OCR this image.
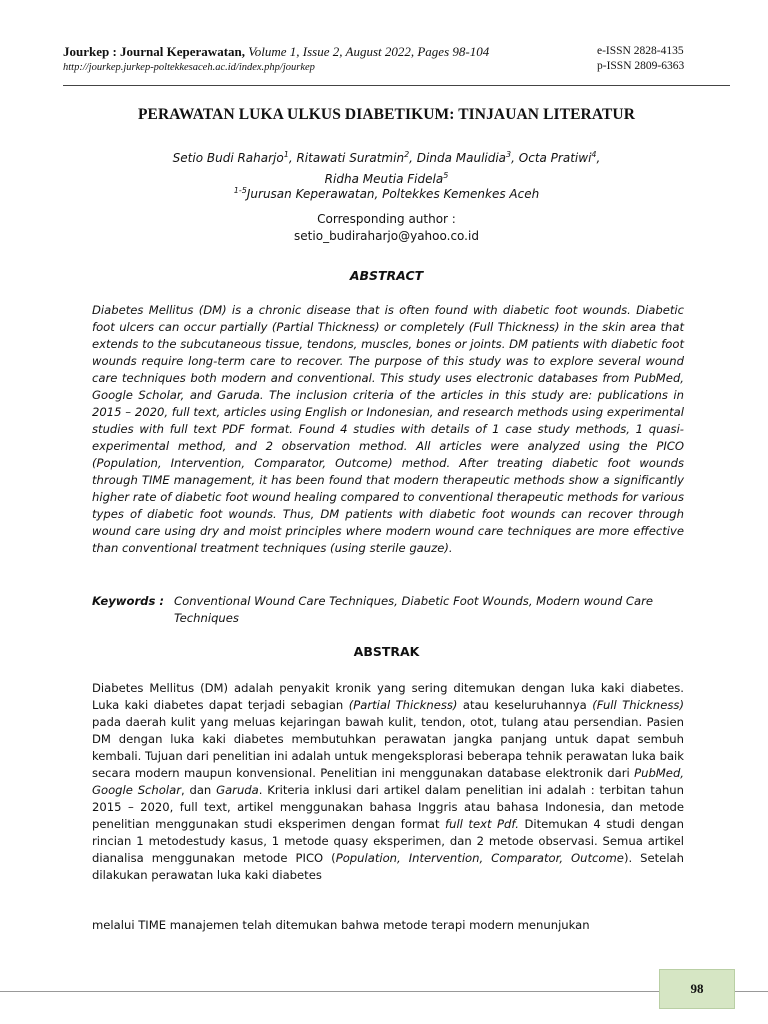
Jourkep : Journal Keperawatan, Volume 1, Issue 2, August 2022, Pages 98-104
http://jourkep.jurkep-poltekkesaceh.ac.id/index.php/jourkep
e-ISSN 2828-4135
p-ISSN 2809-6363
PERAWATAN LUKA ULKUS DIABETIKUM: TINJAUAN LITERATUR
Setio Budi Raharjo$^1$, Ritawati Suratmin$^2$, Dinda Maulidia$^3$, Octa Pratiwi$^4$,
Ridha Meutia Fidela$^5$
$^{1-5}$Jurusan Keperawatan, Poltekkes Kemenkes Aceh
Corresponding author :
setio_budiraharjo@yahoo.co.id
ABSTRACT
Diabetes Mellitus (DM) is a chronic disease that is often found with diabetic foot wounds. Diabetic foot ulcers can occur partially (Partial Thickness) or completely (Full Thickness) in the skin area that extends to the subcutaneous tissue, tendons, muscles, bones or joints. DM patients with diabetic foot wounds require long-term care to recover. The purpose of this study was to explore several wound care techniques both modern and conventional. This study uses electronic databases from PubMed, Google Scholar, and Garuda. The inclusion criteria of the articles in this study are: publications in 2015 – 2020, full text, articles using English or Indonesian, and research methods using experimental studies with full text PDF format. Found 4 studies with details of 1 case study methods, 1 quasi-experimental method, and 2 observation method. All articles were analyzed using the PICO (Population, Intervention, Comparator, Outcome) method. After treating diabetic foot wounds through TIME management, it has been found that modern therapeutic methods show a significantly higher rate of diabetic foot wound healing compared to conventional therapeutic methods for various types of diabetic foot wounds. Thus, DM patients with diabetic foot wounds can recover through wound care using dry and moist principles where modern wound care techniques are more effective than conventional treatment techniques (using sterile gauze).
Keywords : Conventional Wound Care Techniques, Diabetic Foot Wounds, Modern wound Care Techniques
ABSTRAK
Diabetes Mellitus (DM) adalah penyakit kronik yang sering ditemukan dengan luka kaki diabetes. Luka kaki diabetes dapat terjadi sebagian (Partial Thickness) atau keseluruhannya (Full Thickness) pada daerah kulit yang meluas kejaringan bawah kulit, tendon, otot, tulang atau persendian. Pasien DM dengan luka kaki diabetes membutuhkan perawatan jangka panjang untuk dapat sembuh kembali. Tujuan dari penelitian ini adalah untuk mengeksplorasi beberapa tehnik perawatan luka baik secara modern maupun konvensional. Penelitian ini menggunakan database elektronik dari PubMed, Google Scholar, dan Garuda. Kriteria inklusi dari artikel dalam penelitian ini adalah : terbitan tahun 2015 – 2020, full text, artikel menggunakan bahasa Inggris atau bahasa Indonesia, dan metode penelitian menggunakan studi eksperimen dengan format full text Pdf. Ditemukan 4 studi dengan rincian 1 metodestudy kasus, 1 metode quasy eksperimen, dan 2 metode observasi. Semua artikel dianalisa menggunakan metode PICO (Population, Intervention, Comparator, Outcome). Setelah dilakukan perawatan luka kaki diabetes
melalui TIME manajemen telah ditemukan bahwa metode terapi modern menunjukan
98
